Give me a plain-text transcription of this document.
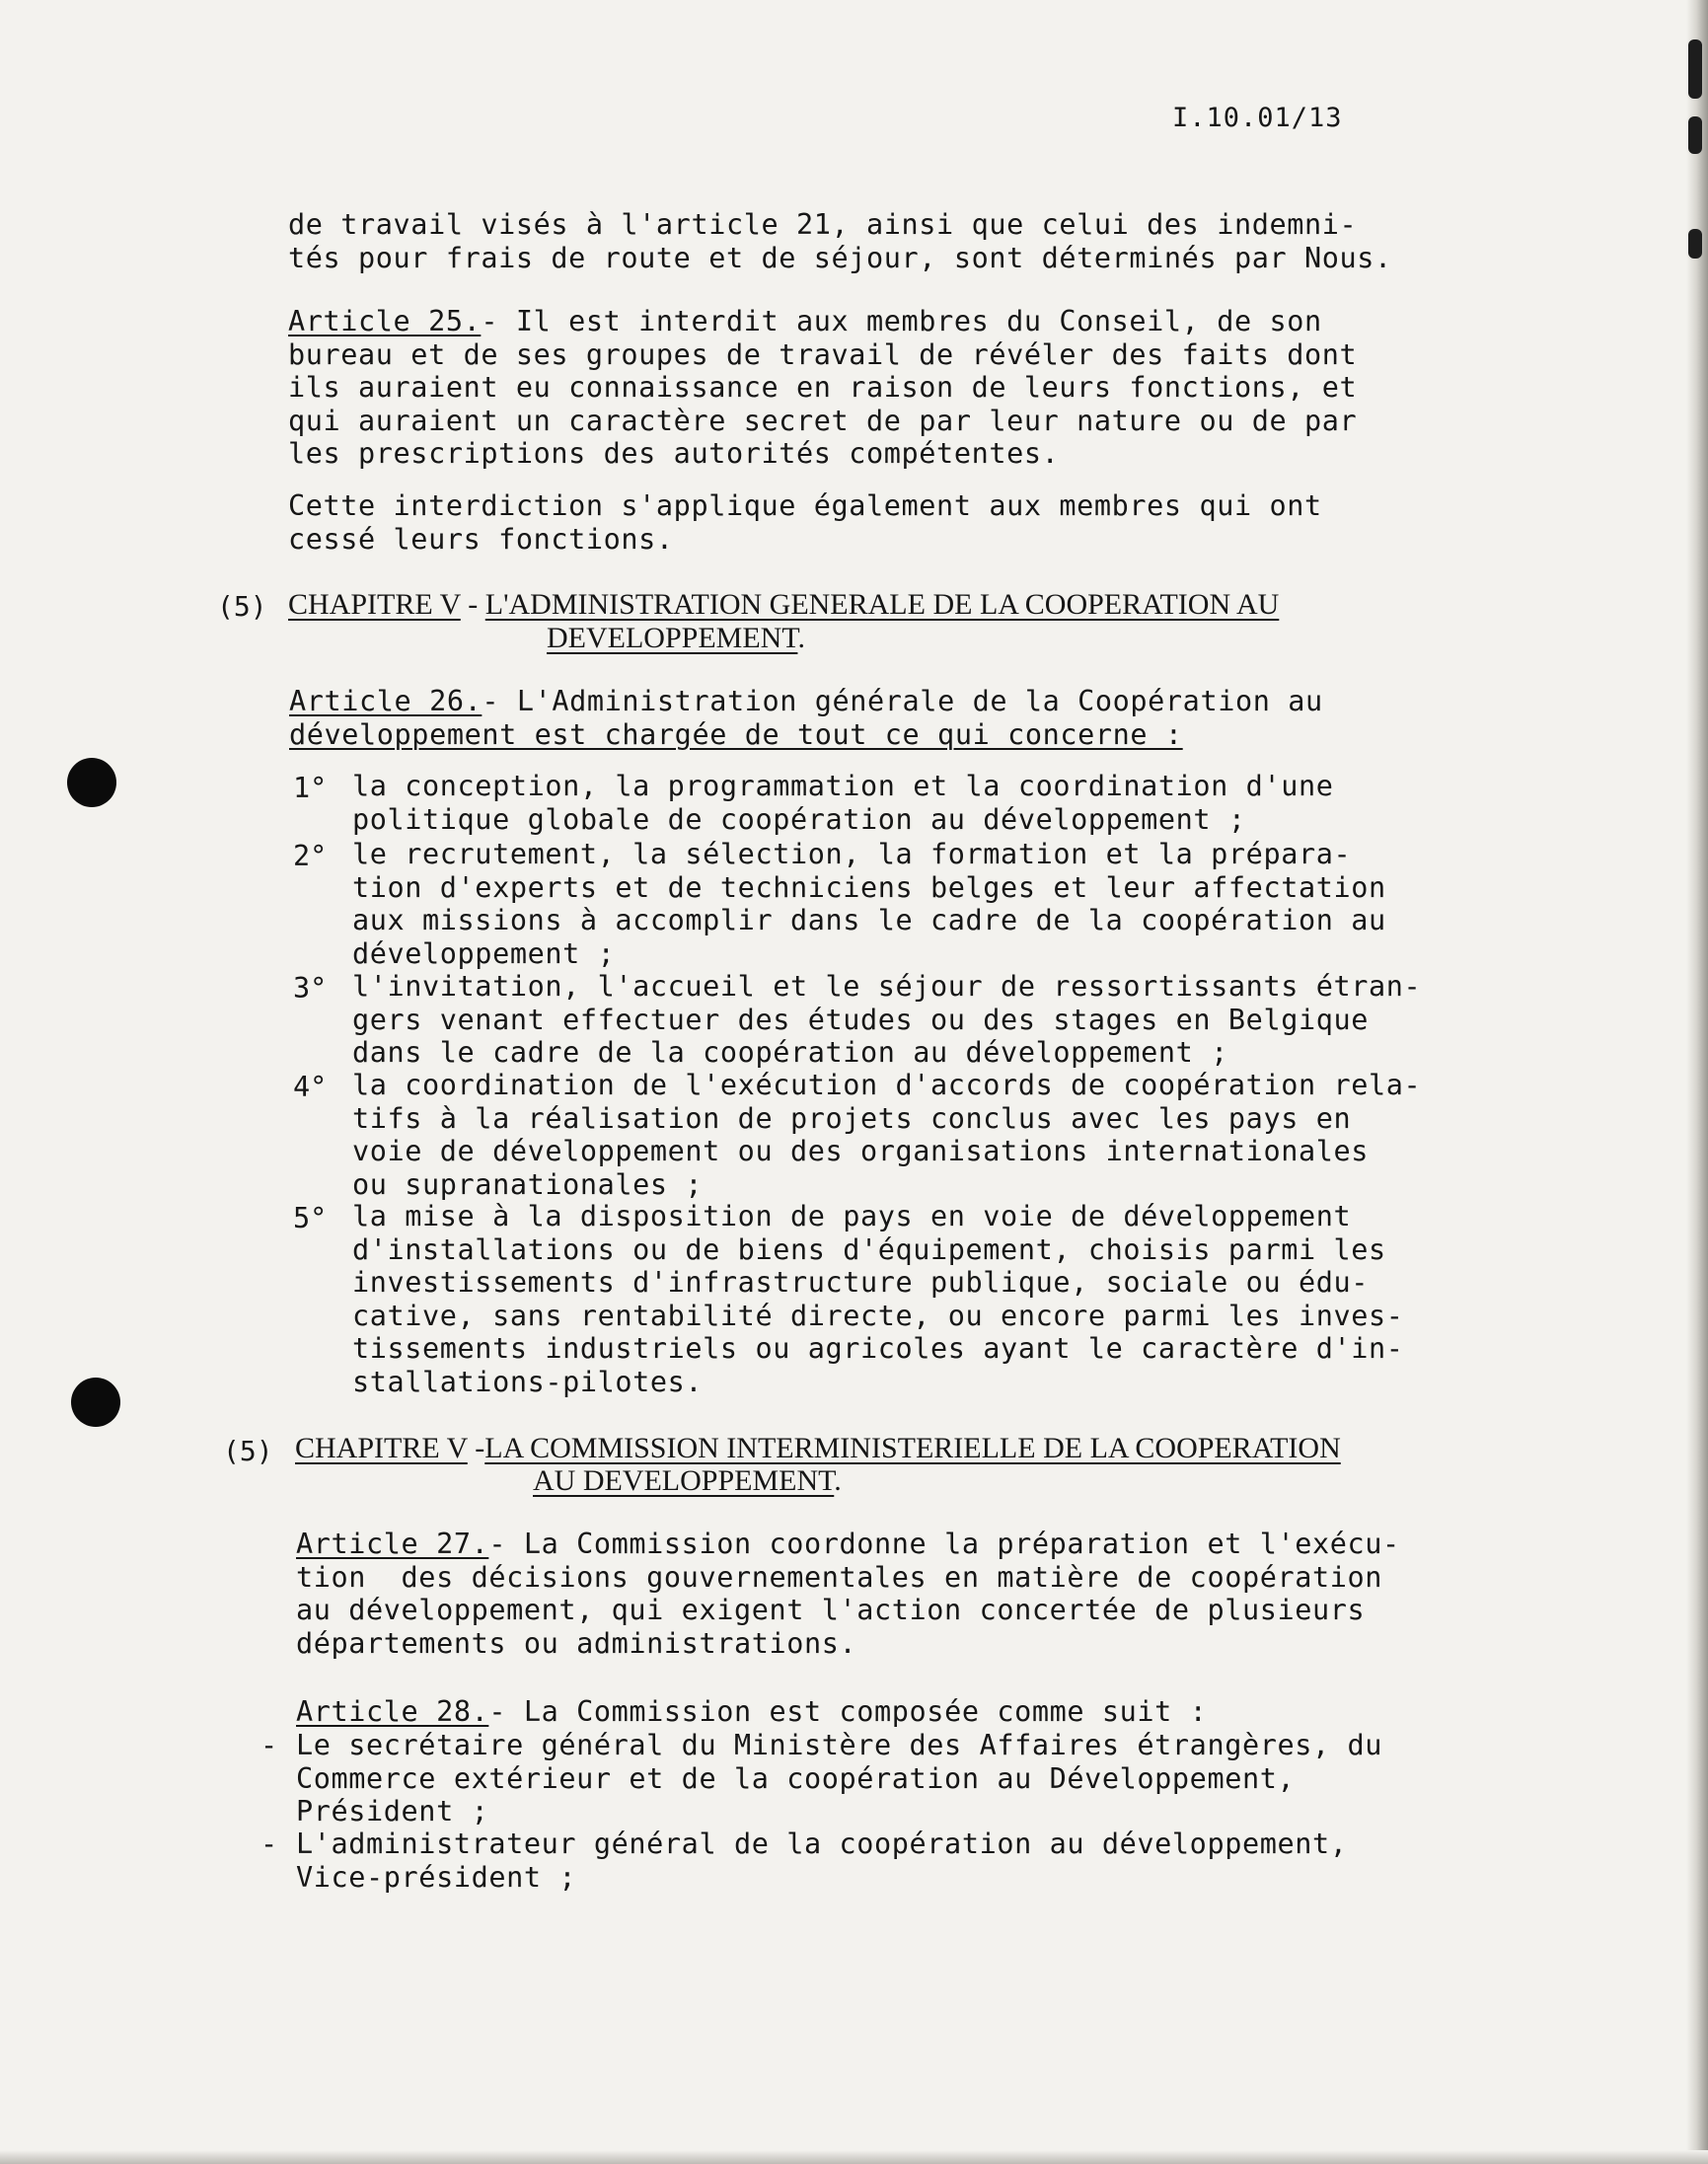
I.10.01/13
de travail visés à l'article 21, ainsi que celui des indemni-
tés pour frais de route et de séjour, sont déterminés par Nous.
Article 25.- Il est interdit aux membres du Conseil, de son
bureau et de ses groupes de travail de révéler des faits dont
ils auraient eu connaissance en raison de leurs fonctions, et
qui auraient un caractère secret de par leur nature ou de par
les prescriptions des autorités compétentes.
Cette interdiction s'applique également aux membres qui ont
cessé leurs fonctions.
(5) CHAPITRE V - L'ADMINISTRATION GENERALE DE LA COOPERATION AU
DEVELOPPEMENT.
Article 26.- L'Administration générale de la Coopération au
développement est chargée de tout ce qui concerne :
1° la conception, la programmation et la coordination d'une
politique globale de coopération au développement ;
2° le recrutement, la sélection, la formation et la prépara-
tion d'experts et de techniciens belges et leur affectation
aux missions à accomplir dans le cadre de la coopération au
développement ;
3° l'invitation, l'accueil et le séjour de ressortissants étran-
gers venant effectuer des études ou des stages en Belgique
dans le cadre de la coopération au développement ;
4° la coordination de l'exécution d'accords de coopération rela-
tifs à la réalisation de projets conclus avec les pays en
voie de développement ou des organisations internationales
ou supranationales ;
5° la mise à la disposition de pays en voie de développement
d'installations ou de biens d'équipement, choisis parmi les
investissements d'infrastructure publique, sociale ou édu-
cative, sans rentabilité directe, ou encore parmi les inves-
tissements industriels ou agricoles ayant le caractère d'in-
stallations-pilotes.
(5) CHAPITRE V -LA COMMISSION INTERMINISTERIELLE DE LA COOPERATION
AU DEVELOPPEMENT.
Article 27.- La Commission coordonne la préparation et l'exécu-
tion  des décisions gouvernementales en matière de coopération
au développement, qui exigent l'action concertée de plusieurs
départements ou administrations.
Article 28.- La Commission est composée comme suit :
- Le secrétaire général du Ministère des Affaires étrangères, du
Commerce extérieur et de la coopération au Développement,
Président ;
- L'administrateur général de la coopération au développement,
Vice-président ;
